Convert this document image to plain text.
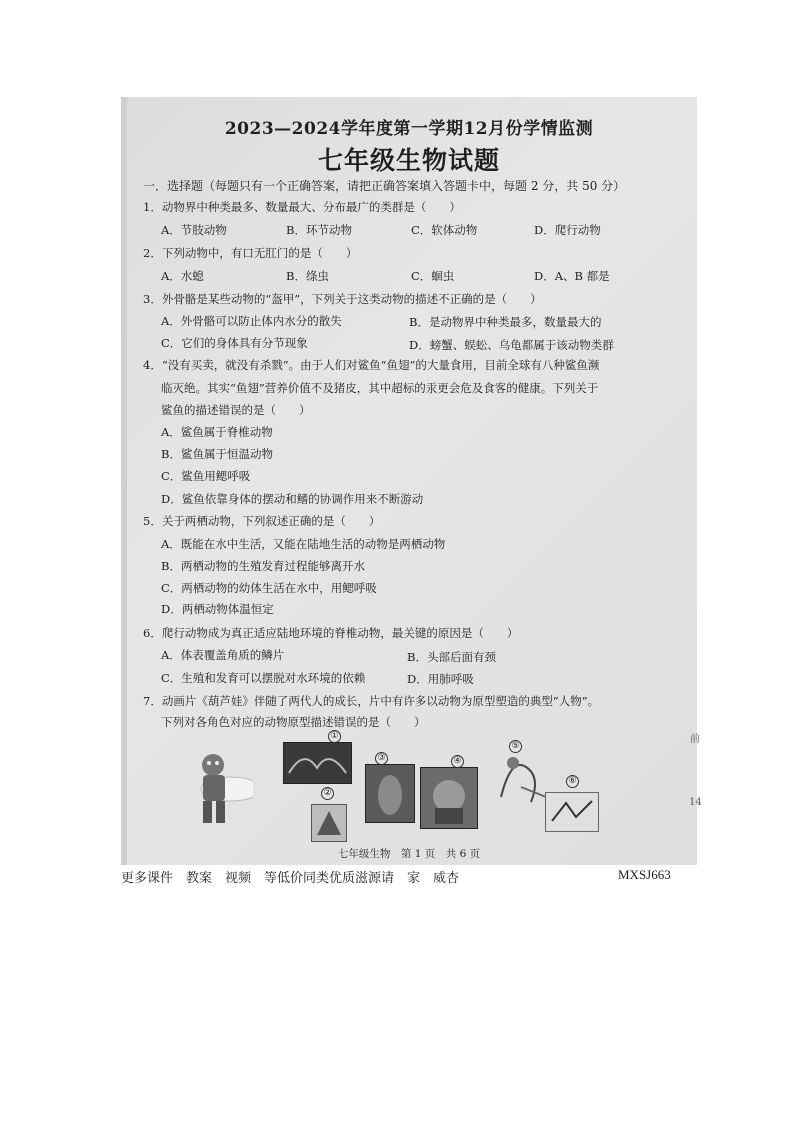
2023—2024学年度第一学期12月份学情监测
七年级生物试题
一．选择题（每题只有一个正确答案，请把正确答案填入答题卡中，每题 2 分，共 50 分）
1．动物界中种类最多、数量最大、分布最广的类群是（　　）
A．节肢动物	B．环节动物	C．软体动物	D．爬行动物
2．下列动物中，有口无肛门的是（　　）
A．水螅	B．绦虫	C．蛔虫	D．A、B 都是
3．外骨骼是某些动物的“盔甲”，下列关于这类动物的描述不正确的是（　　）
A．外骨骼可以防止体内水分的散失	B．是动物界中种类最多，数量最大的
C．它们的身体具有分节现象	D．螃蟹、蜈蚣、乌龟都属于该动物类群
4．“没有买卖，就没有杀戮”。由于人们对鲨鱼“鱼翅”的大量食用，目前全球有八种鲨鱼濒
临灭绝。其实“鱼翅”营养价值不及猪皮，其中超标的汞更会危及食客的健康。下列关于
鲨鱼的描述错误的是（　　）
A．鲨鱼属于脊椎动物
B．鲨鱼属于恒温动物
C．鲨鱼用鳃呼吸
D．鲨鱼依靠身体的摆动和鳍的协调作用来不断游动
5．关于两栖动物，下列叙述正确的是（　　）
A．既能在水中生活，又能在陆地生活的动物是两栖动物
B．两栖动物的生殖发育过程能够离开水
C．两栖动物的幼体生活在水中，用鳃呼吸
D．两栖动物体温恒定
6．爬行动物成为真正适应陆地环境的脊椎动物，最关键的原因是（　　）
A．体表覆盖角质的鳞片	B．头部后面有颈
C．生殖和发育可以摆脱对水环境的依赖	D．用肺呼吸
7．动画片《葫芦娃》伴随了两代人的成长，片中有许多以动物为原型塑造的典型“人物”。
下列对各角色对应的动物原型描述错误的是（　　）
①
②
③	④
⑤
⑥
七年级生物　第 1 页　共 6 页
前
14
更多课件　教案　视频　等低价同类优质滋源请　家　威杏	MXSJ663
